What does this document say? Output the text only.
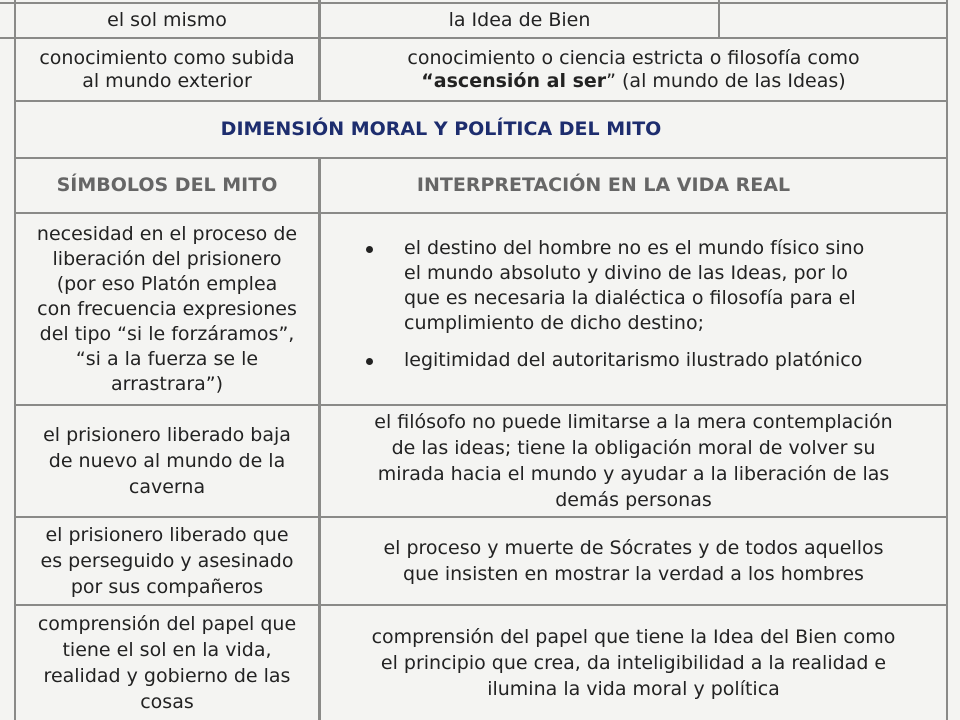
el sol mismo	la Idea de Bien
conocimiento como subida
al mundo exterior
conocimiento o ciencia estricta o filosofía como
“ascensión al ser” (al mundo de las Ideas)
DIMENSIÓN MORAL Y POLÍTICA DEL MITO
SÍMBOLOS DEL MITO	INTERPRETACIÓN EN LA VIDA REAL
necesidad en el proceso de
liberación del prisionero
(por eso Platón emplea
con frecuencia expresiones
del tipo “si le forzáramos”,
“si a la fuerza se le
arrastrara”)
el destino del hombre no es el mundo físico sino
el mundo absoluto y divino de las Ideas, por lo
que es necesaria la dialéctica o filosofía para el
cumplimiento de dicho destino;
legitimidad del autoritarismo ilustrado platónico
el prisionero liberado baja
de nuevo al mundo de la
caverna
el filósofo no puede limitarse a la mera contemplación
de las ideas; tiene la obligación moral de volver su
mirada hacia el mundo y ayudar a la liberación de las
demás personas
el prisionero liberado que
es perseguido y asesinado
por sus compañeros
el proceso y muerte de Sócrates y de todos aquellos
que insisten en mostrar la verdad a los hombres
comprensión del papel que
tiene el sol en la vida,
realidad y gobierno de las
cosas
comprensión del papel que tiene la Idea del Bien como
el principio que crea, da inteligibilidad a la realidad e
ilumina la vida moral y política
